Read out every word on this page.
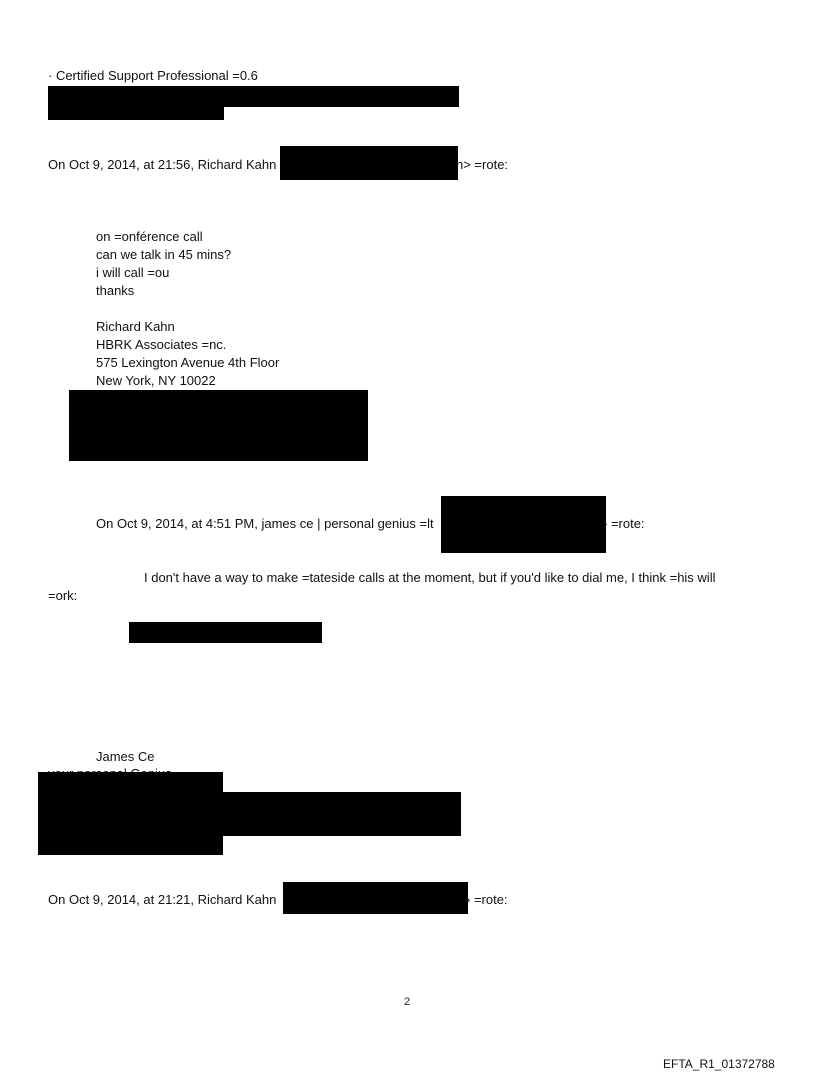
· Certified Support Professional =0.6
On Oct 9, 2014, at 21:56, Richard Kahn	n> =rote:
on =onférence call
can we talk in 45 mins?
i will call =ou
thanks
Richard Kahn
HBRK Associates =nc.
575 Lexington Avenue 4th Floor
New York, NY 10022
On Oct 9, 2014, at 4:51 PM, james ce | personal genius =lt	› =rote:
I don't have a way to make =tateside calls at the moment, but if you'd like to dial me, I think =his will
=ork:
James Ce
On Oct 9, 2014, at 21:21, Richard Kahn	› =rote:
2
EFTA_R1_01372788
